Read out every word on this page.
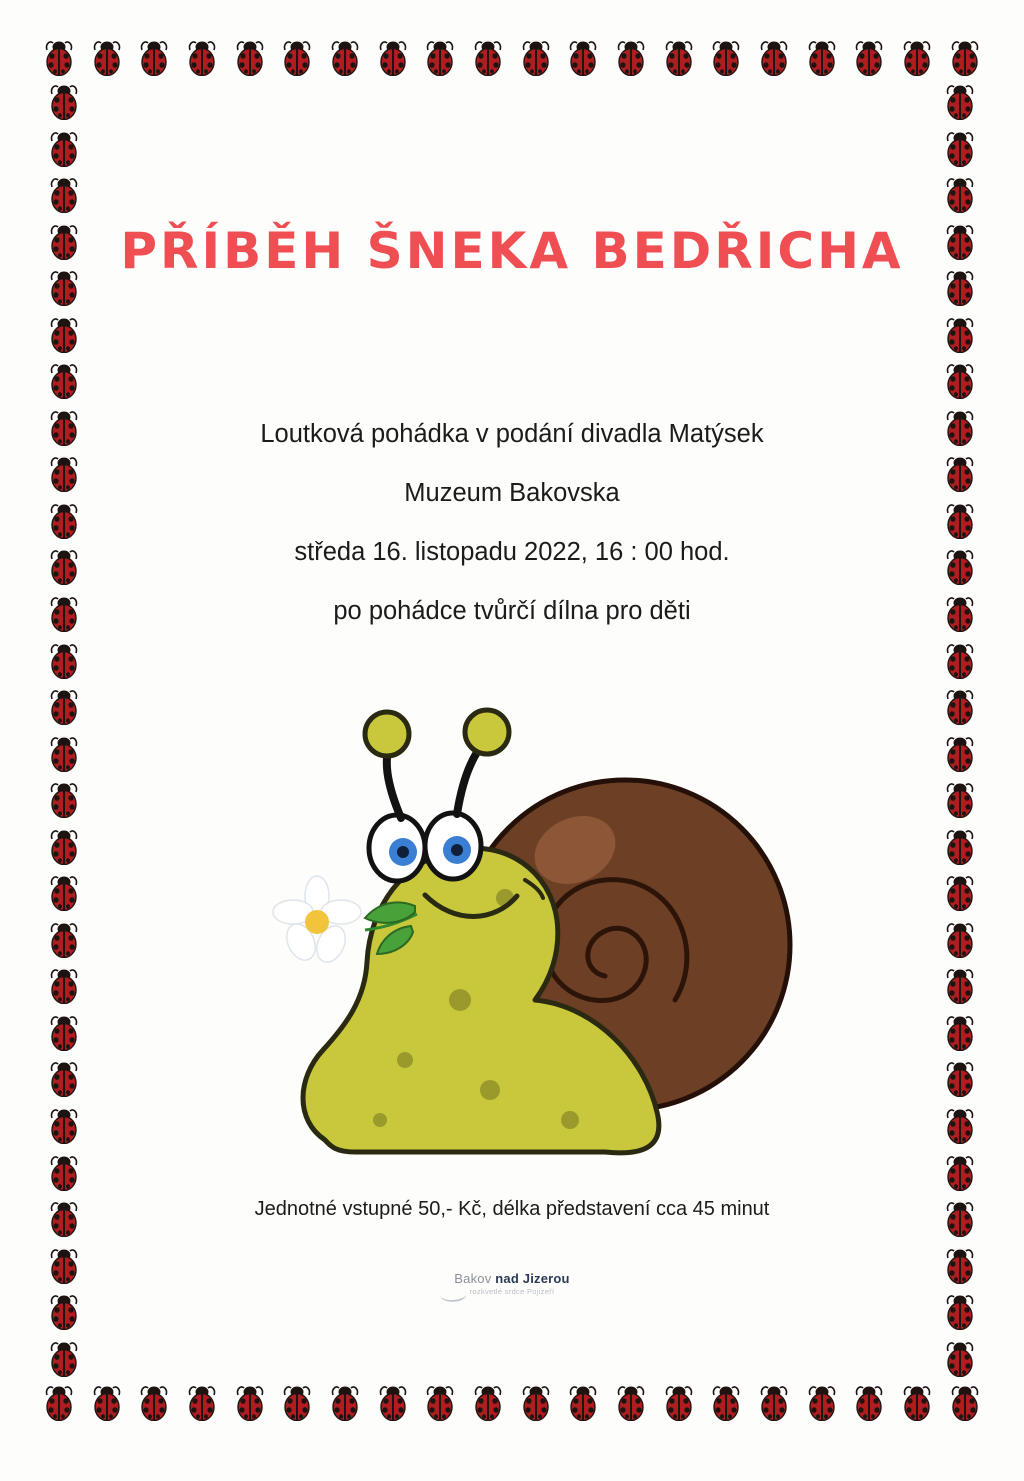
PŘÍBĚH ŠNEKA BEDŘICHA
Loutková pohádka v podání divadla Matýsek
Muzeum Bakovska
středa 16. listopadu 2022, 16 : 00 hod.
po pohádce tvůrčí dílna pro děti
Jednotné vstupné 50,- Kč, délka představení cca 45 minut
Bakov nad Jizerou
rozkvetlé srdce Pojizeří
